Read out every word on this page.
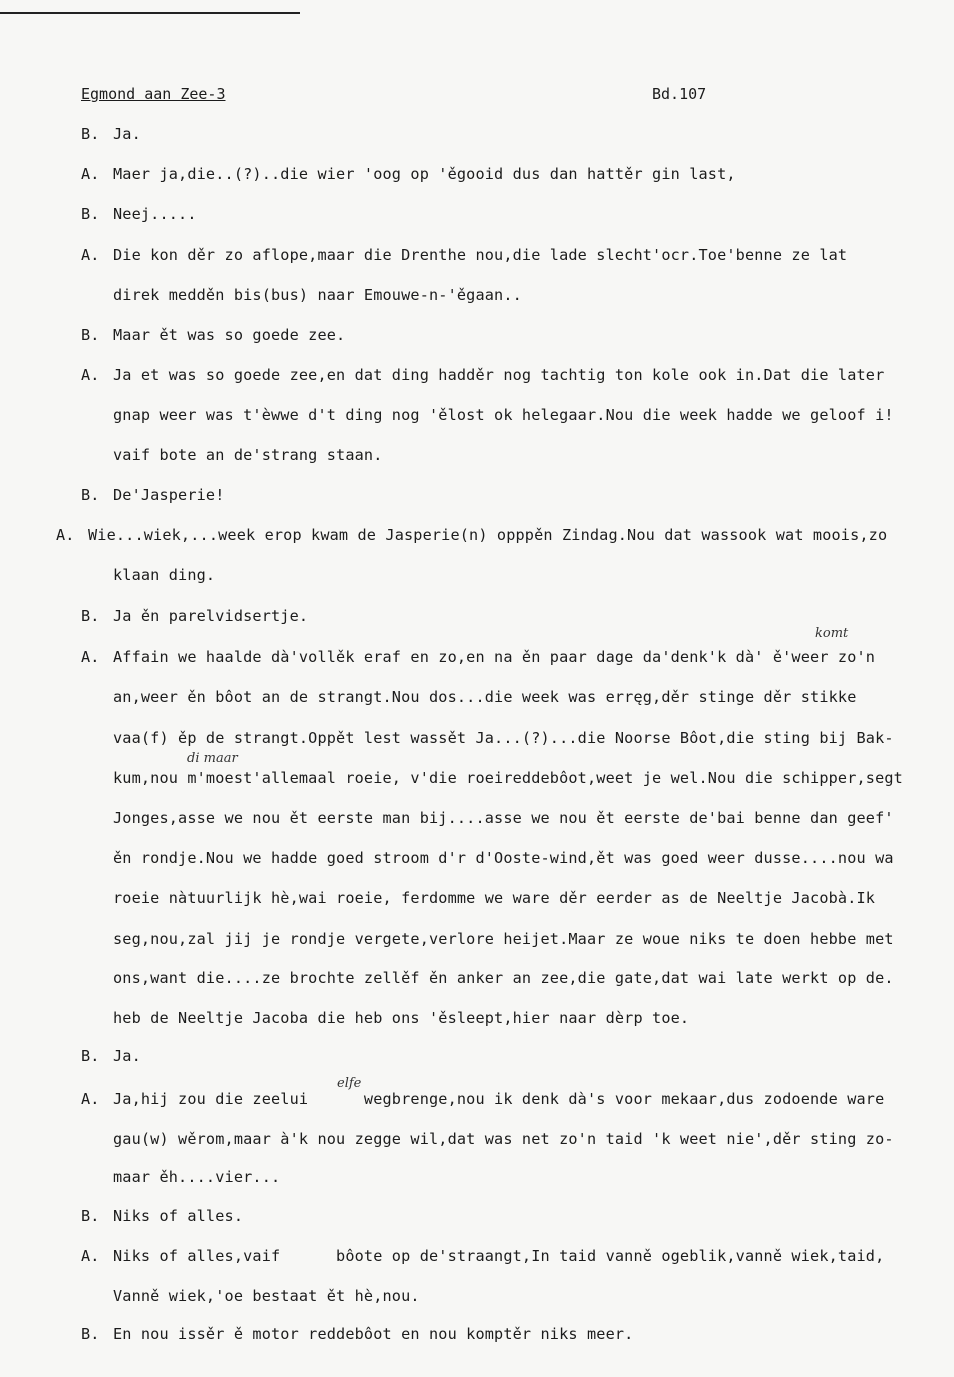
Egmond aan Zee-3	Bd.107
B. Ja.
A. Maer ja,die..(?)..die wier 'oog op 'ěgooid dus dan hattěr gin last,
B. Neej.....
A. Die kon děr zo aflope,maar die Drenthe nou,die lade slecht'ocr.Toe'benne ze lat
direk medděn bis(bus) naar Emouwe-n-'ěgaan..
B. Maar ět was so goede zee.
A. Ja et was so goede zee,en dat ding hadděr nog tachtig ton kole ook in.Dat die later
gnap weer was t'èwwe d't ding nog 'ělost ok helegaar.Nou die week hadde we geloof i!
vaif bote an de'strang staan.
B. De'Jasperie!
A. Wie...wiek,...week erop kwam de Jasperie(n) opppěn Zindag.Nou dat wassook wat moois,zo
klaan ding.
B. Ja ěn parelvidsertje.
A. Affain we haalde dà'vollěk eraf en zo,en na ěn paar dage da'denk'k dà' ě'weer zo'n
an,weer ěn bôot an de strangt.Nou dos...die week was erręg,děr stinge děr stikke
vaa(f) ěp de strangt.Oppět lest wassět Ja...(?)...die Noorse Bôot,die sting bij Bak-
kum,nou m'moest'allemaal roeie, v'die roeireddebôot,weet je wel.Nou die schipper,segt
Jonges,asse we nou ět eerste man bij....asse we nou ět eerste de'bai benne dan geef'
ěn rondje.Nou we hadde goed stroom d'r d'Ooste-wind,ět was goed weer dusse....nou wa
roeie nàtuurlijk hè,wai roeie, ferdomme we ware děr eerder as de Neeltje Jacobà.Ik
seg,nou,zal jij je rondje vergete,verlore heijet.Maar ze woue niks te doen hebbe met
ons,want die....ze brochte zellěf ěn anker an zee,die gate,dat wai late werkt op de.
heb de Neeltje Jacoba die heb ons 'ěsleept,hier naar dèrp toe.
B. Ja.
A. Ja,hij zou die zeelui      wegbrenge,nou ik denk dà's voor mekaar,dus zodoende ware
gau(w) wěrom,maar à'k nou zegge wil,dat was net zo'n taid 'k weet nie',děr sting zo-
maar ěh....vier...
B. Niks of alles.
A. Niks of alles,vaif      bôote op de'straangt,In taid vanně ogeblik,vanně wiek,taid,
Vanně wiek,'oe bestaat ět hè,nou.
B. En nou issěr ě motor reddebôot en nou komptěr niks meer.
komt
di maar
elfe
